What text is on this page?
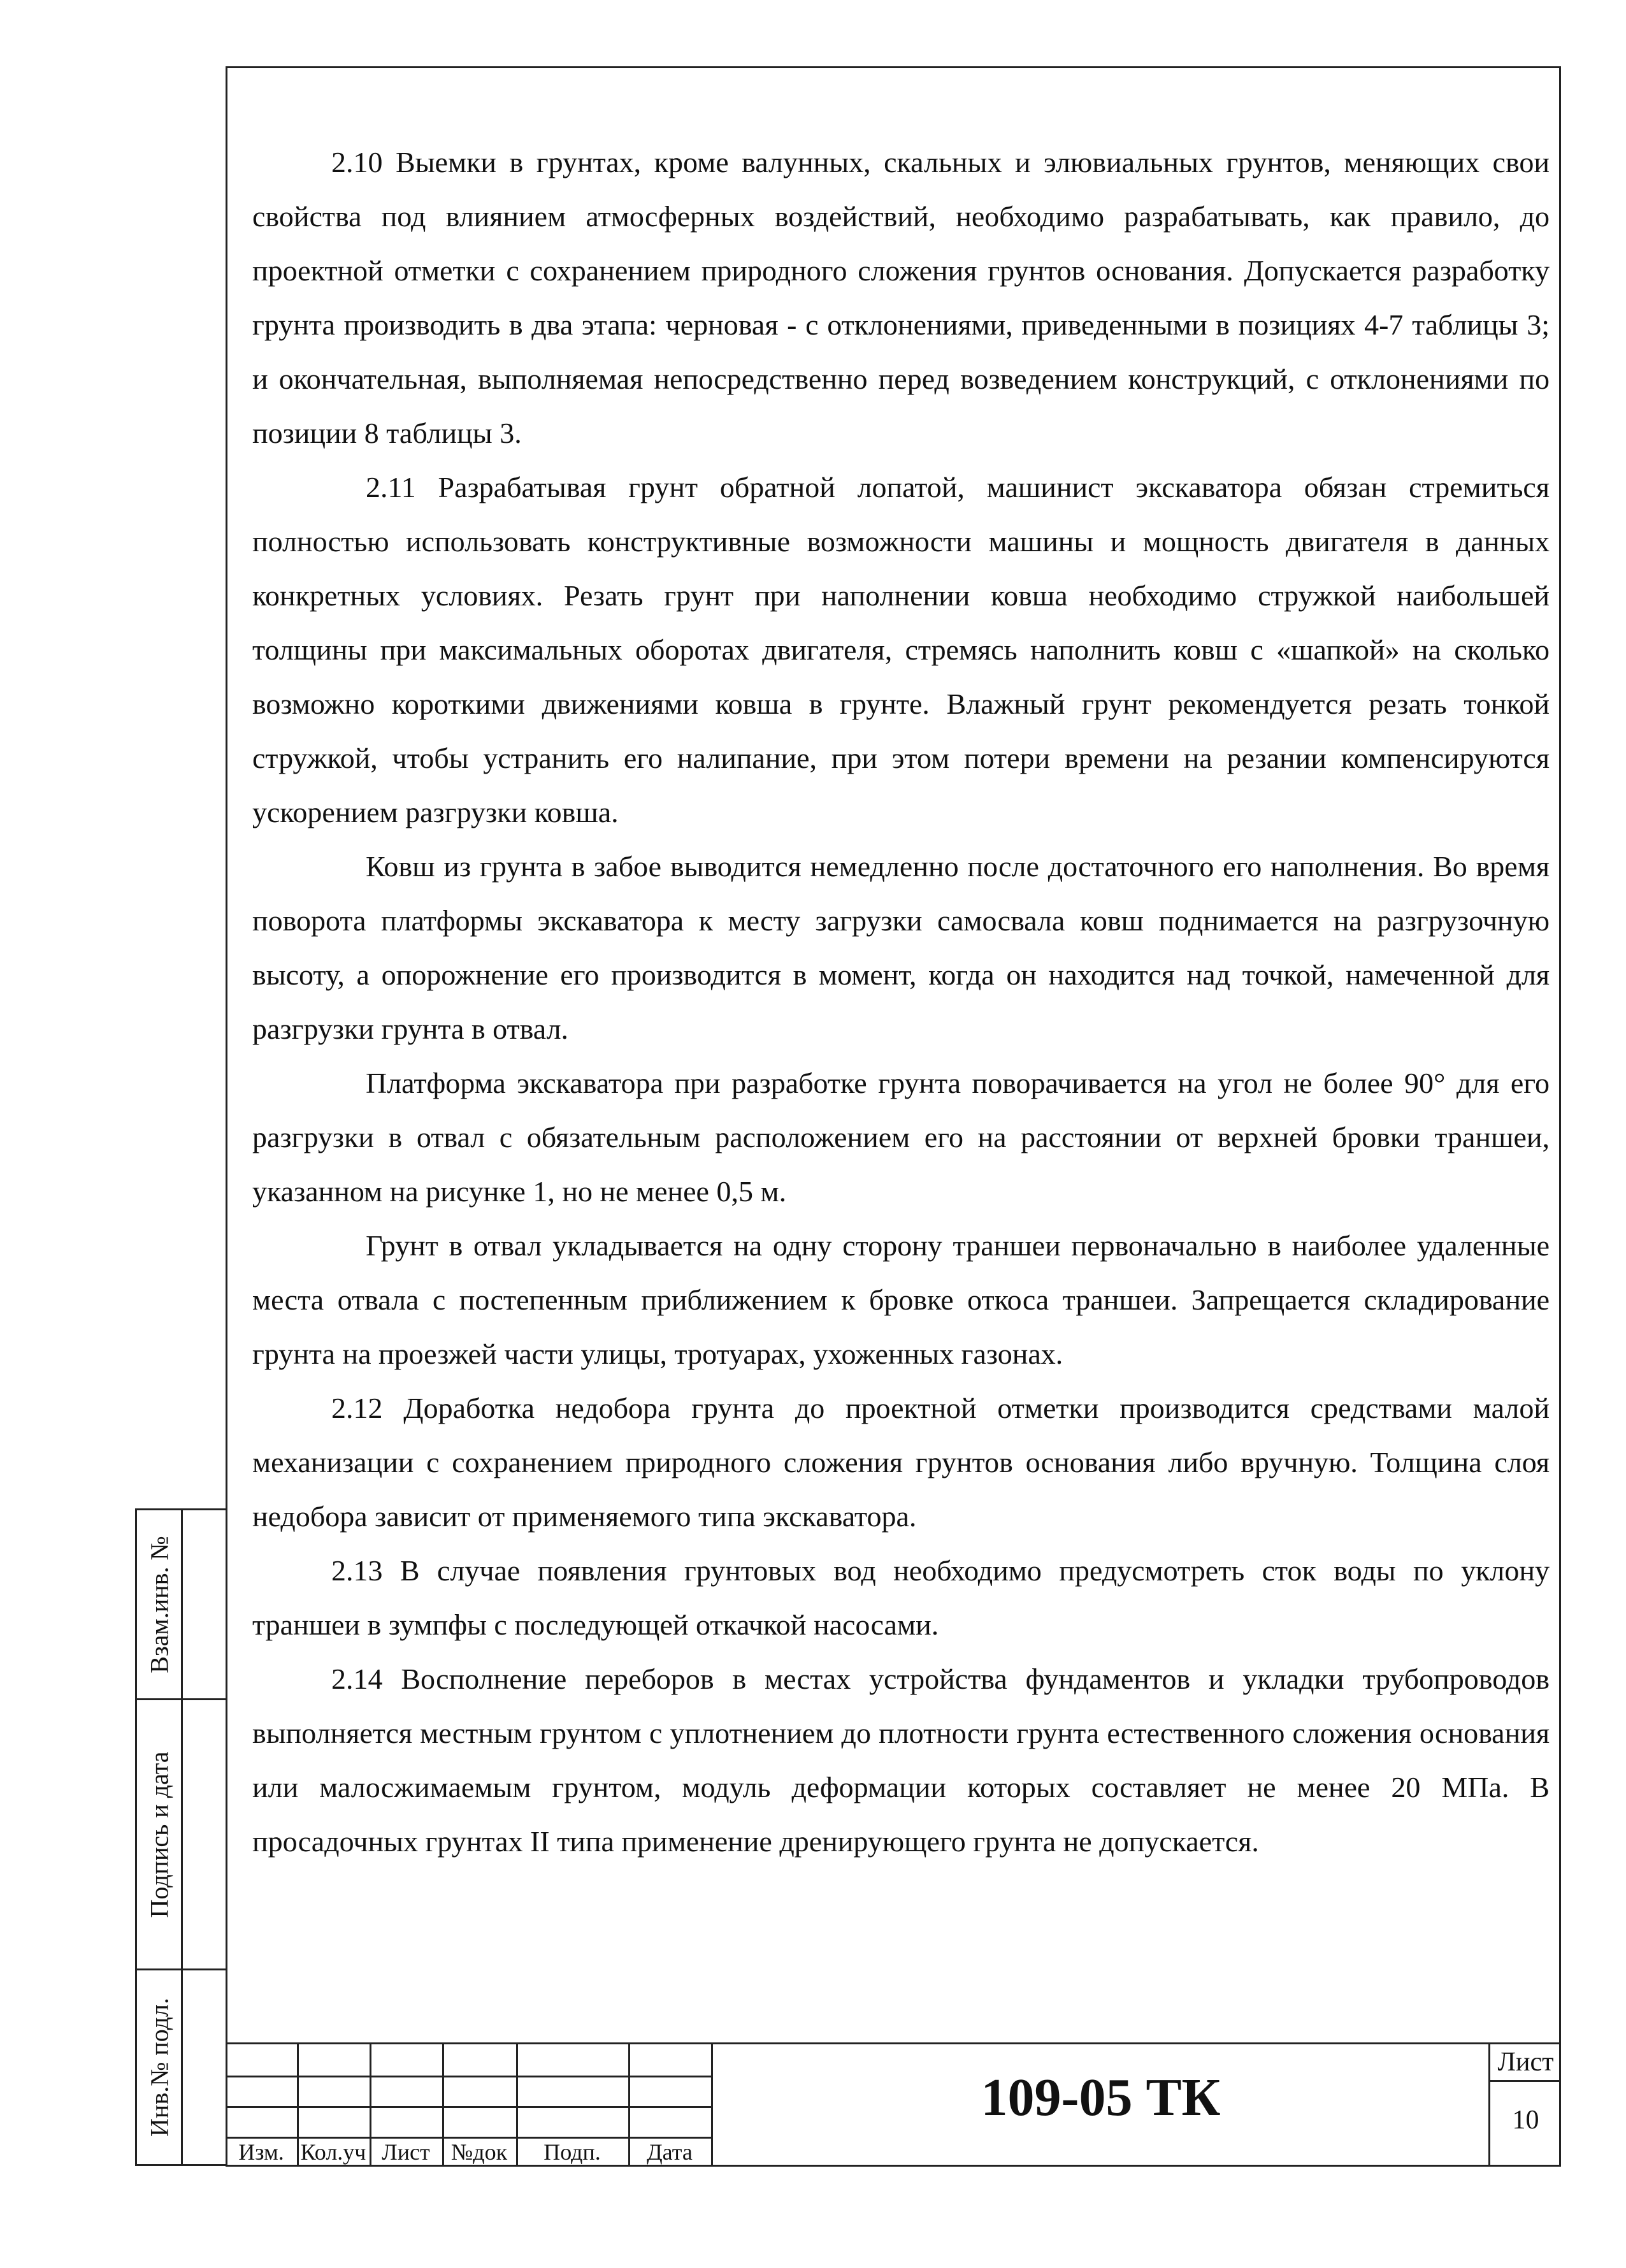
2.10 Выемки в грунтах, кроме валунных, скальных и элювиальных грунтов, меняющих свои свойства под влиянием атмосферных воздействий, необходимо разрабатывать, как правило, до проектной отметки с сохранением природного сложения грунтов основания. Допускается разработку грунта производить в два этапа: черновая - с отклонениями, приведенными в позициях 4-7 таблицы 3; и окончательная, выполняемая непосредственно перед возведением конструкций, с отклонениями по позиции 8 таблицы 3.

2.11 Разрабатывая грунт обратной лопатой, машинист экскаватора обязан стремиться полностью использовать конструктивные возможности машины и мощность двигателя в данных конкретных условиях. Резать грунт при наполнении ковша необходимо стружкой наибольшей толщины при максимальных оборотах двигателя, стремясь наполнить ковш с «шапкой» на сколько возможно короткими движениями ковша в грунте. Влажный грунт рекомендуется резать тонкой стружкой, чтобы устранить его налипание, при этом потери времени на резании компенсируются ускорением разгрузки ковша.

Ковш из грунта в забое выводится немедленно после достаточного его наполнения. Во время поворота платформы экскаватора к месту загрузки самосвала ковш поднимается на разгрузочную высоту, а опорожнение его производится в момент, когда он находится над точкой, намеченной для разгрузки грунта в отвал.

Платформа экскаватора при разработке грунта поворачивается на угол не более 90° для его разгрузки в отвал с обязательным расположением его на расстоянии от верхней бровки траншеи, указанном на рисунке 1, но не менее 0,5 м.

Грунт в отвал укладывается на одну сторону траншеи первоначально в наиболее удаленные места отвала с постепенным приближением к бровке откоса траншеи. Запрещается складирование грунта на проезжей части улицы, тротуарах, ухоженных газонах.

2.12 Доработка недобора грунта до проектной отметки производится средствами малой механизации с сохранением природного сложения грунтов основания либо вручную. Толщина слоя недобора зависит от применяемого типа экскаватора.

2.13 В случае появления грунтовых вод необходимо предусмотреть сток воды по уклону траншеи в зумпфы с последующей откачкой насосами.

2.14 Восполнение переборов в местах устройства фундаментов и укладки трубопроводов выполняется местным грунтом с уплотнением до плотности грунта естественного сложения основания или малосжимаемым грунтом, модуль деформации которых составляет не менее 20 МПа. В просадочных грунтах II типа применение дренирующего грунта не допускается.

Взам.инв. №
Подпись и дата
Инв.№ подл.
Изм. Кол.уч Лист №док	Подп.	Дата
109-05 ТК
Лист
10
